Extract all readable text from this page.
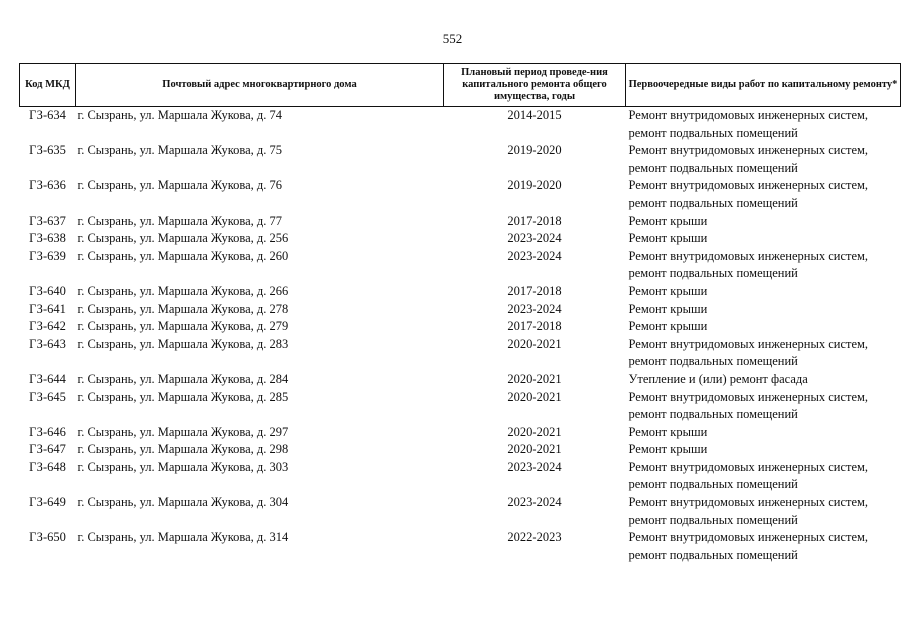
552
Код МКД	Почтовый адрес многоквартирного дома	Плановый период проведе-ния капитального ремонта общего имущества, годы	Первоочередные виды работ по капитальному ремонту*
ГЗ-634	г. Сызрань, ул. Маршала Жукова, д. 74	2014-2015	Ремонт внутридомовых инженерных систем,
ремонт подвальных помещений

ГЗ-635	г. Сызрань, ул. Маршала Жукова, д. 75	2019-2020	Ремонт внутридомовых инженерных систем,
ремонт подвальных помещений

ГЗ-636	г. Сызрань, ул. Маршала Жукова, д. 76	2019-2020	Ремонт внутридомовых инженерных систем,
ремонт подвальных помещений

ГЗ-637	г. Сызрань, ул. Маршала Жукова, д. 77	2017-2018	Ремонт крыши

ГЗ-638	г. Сызрань, ул. Маршала Жукова, д. 256	2023-2024	Ремонт крыши

ГЗ-639	г. Сызрань, ул. Маршала Жукова, д. 260	2023-2024	Ремонт внутридомовых инженерных систем,
ремонт подвальных помещений

ГЗ-640	г. Сызрань, ул. Маршала Жукова, д. 266	2017-2018	Ремонт крыши

ГЗ-641	г. Сызрань, ул. Маршала Жукова, д. 278	2023-2024	Ремонт крыши

ГЗ-642	г. Сызрань, ул. Маршала Жукова, д. 279	2017-2018	Ремонт крыши

ГЗ-643	г. Сызрань, ул. Маршала Жукова, д. 283	2020-2021	Ремонт внутридомовых инженерных систем,
ремонт подвальных помещений

ГЗ-644	г. Сызрань, ул. Маршала Жукова, д. 284	2020-2021	Утепление и (или) ремонт фасада

ГЗ-645	г. Сызрань, ул. Маршала Жукова, д. 285	2020-2021	Ремонт внутридомовых инженерных систем,
ремонт подвальных помещений

ГЗ-646	г. Сызрань, ул. Маршала Жукова, д. 297	2020-2021	Ремонт крыши

ГЗ-647	г. Сызрань, ул. Маршала Жукова, д. 298	2020-2021	Ремонт крыши

ГЗ-648	г. Сызрань, ул. Маршала Жукова, д. 303	2023-2024	Ремонт внутридомовых инженерных систем,
ремонт подвальных помещений

ГЗ-649	г. Сызрань, ул. Маршала Жукова, д. 304	2023-2024	Ремонт внутридомовых инженерных систем,
ремонт подвальных помещений

ГЗ-650	г. Сызрань, ул. Маршала Жукова, д. 314	2022-2023	Ремонт внутридомовых инженерных систем,
ремонт подвальных помещений
